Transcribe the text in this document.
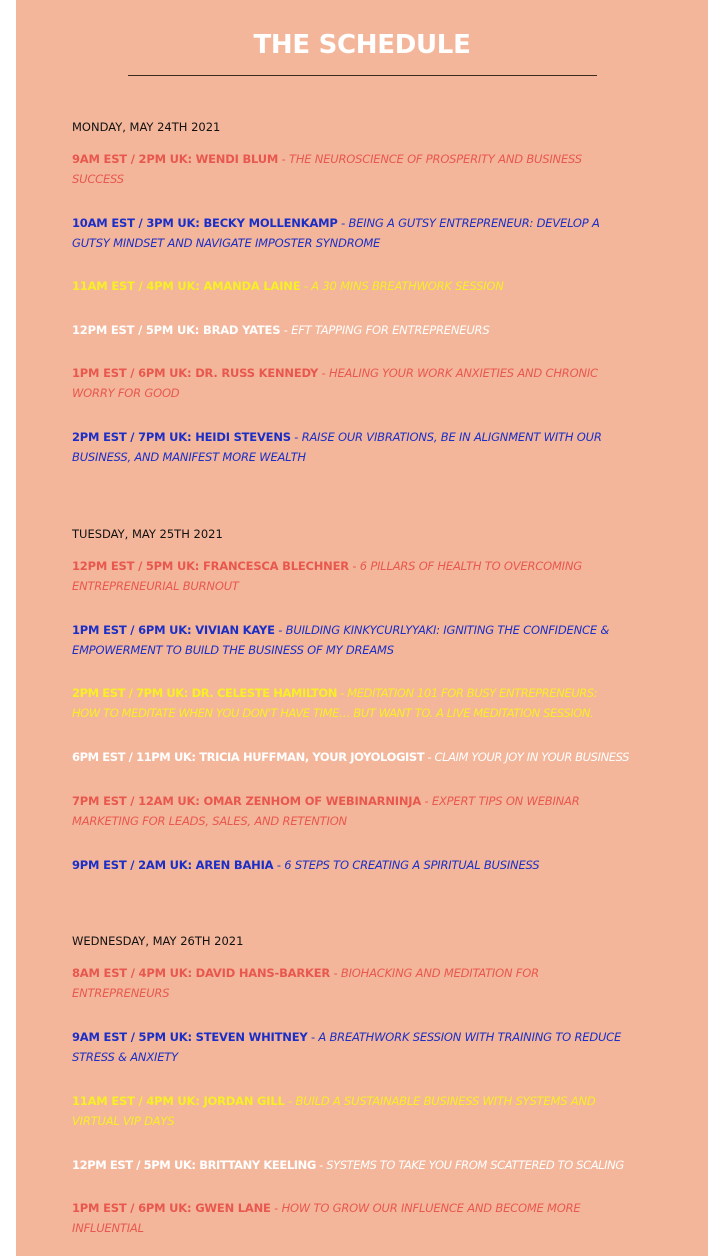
THE SCHEDULE
MONDAY, MAY 24TH 2021
9AM EST / 2PM UK: WENDI BLUM - THE NEUROSCIENCE OF PROSPERITY AND BUSINESS
SUCCESS
10AM EST / 3PM UK: BECKY MOLLENKAMP - BEING A GUTSY ENTREPRENEUR: DEVELOP A
GUTSY MINDSET AND NAVIGATE IMPOSTER SYNDROME
11AM EST / 4PM UK: AMANDA LAINE - A 30 MINS BREATHWORK SESSION
12PM EST / 5PM UK: BRAD YATES - EFT TAPPING FOR ENTREPRENEURS
1PM EST / 6PM UK: DR. RUSS KENNEDY - HEALING YOUR WORK ANXIETIES AND CHRONIC
WORRY FOR GOOD
2PM EST / 7PM UK: HEIDI STEVENS - RAISE OUR VIBRATIONS, BE IN ALIGNMENT WITH OUR
BUSINESS, AND MANIFEST MORE WEALTH
TUESDAY, MAY 25TH 2021
12PM EST / 5PM UK: FRANCESCA BLECHNER - 6 PILLARS OF HEALTH TO OVERCOMING
ENTREPRENEURIAL BURNOUT
1PM EST / 6PM UK: VIVIAN KAYE - BUILDING KINKYCURLYYAKI: IGNITING THE CONFIDENCE &
EMPOWERMENT TO BUILD THE BUSINESS OF MY DREAMS
2PM EST / 7PM UK: DR. CELESTE HAMILTON - MEDITATION 101 FOR BUSY ENTREPRENEURS:
HOW TO MEDITATE WHEN YOU DON'T HAVE TIME… BUT WANT TO. A LIVE MEDITATION SESSION.
6PM EST / 11PM UK: TRICIA HUFFMAN, YOUR JOYOLOGIST - CLAIM YOUR JOY IN YOUR BUSINESS
7PM EST / 12AM UK: OMAR ZENHOM OF WEBINARNINJA - EXPERT TIPS ON WEBINAR
MARKETING FOR LEADS, SALES, AND RETENTION
9PM EST / 2AM UK: AREN BAHIA - 6 STEPS TO CREATING A SPIRITUAL BUSINESS
WEDNESDAY, MAY 26TH 2021
8AM EST / 4PM UK: DAVID HANS-BARKER - BIOHACKING AND MEDITATION FOR
ENTREPRENEURS
9AM EST / 5PM UK: STEVEN WHITNEY - A BREATHWORK SESSION WITH TRAINING TO REDUCE
STRESS & ANXIETY
11AM EST / 4PM UK: JORDAN GILL - BUILD A SUSTAINABLE BUSINESS WITH SYSTEMS AND
VIRTUAL VIP DAYS
12PM EST / 5PM UK: BRITTANY KEELING - SYSTEMS TO TAKE YOU FROM SCATTERED TO SCALING
1PM EST / 6PM UK: GWEN LANE - HOW TO GROW OUR INFLUENCE AND BECOME MORE
INFLUENTIAL
